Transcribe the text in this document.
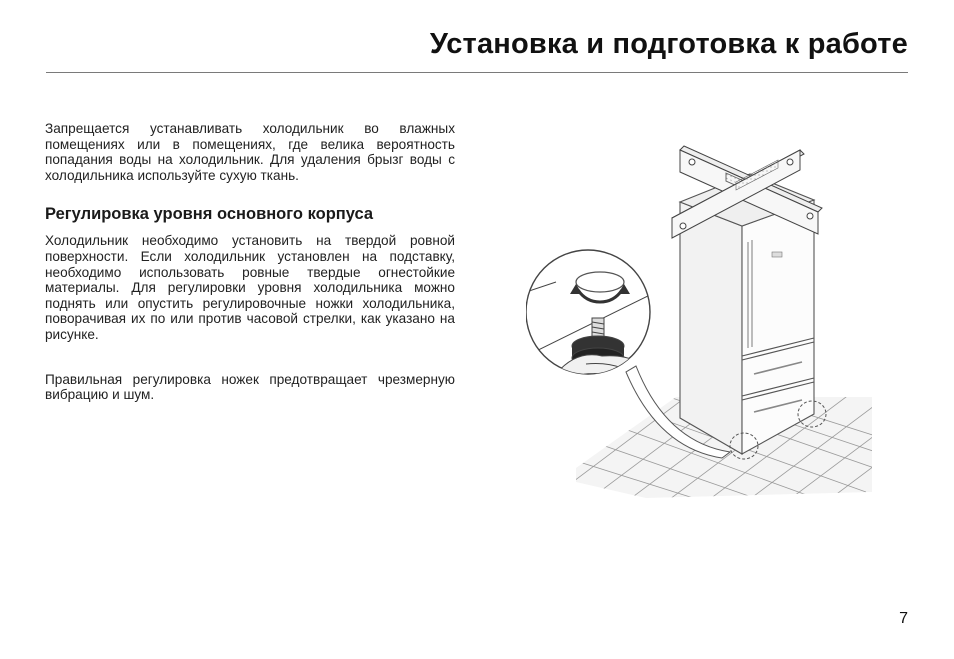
Установка и подготовка к работе

Запрещается устанавливать холодильник во влажных помещениях или в помещениях, где велика вероятность попадания воды на холодильник. Для удаления брызг воды с холодильника используйте сухую ткань.

Регулировка уровня основного корпуса

Холодильник необходимо установить на твердой ровной поверхности. Если холодильник установлен на подставку, необходимо использовать ровные твердые огнестойкие материалы. Для регулировки уровня холодильника можно поднять или опустить регулировочные ножки холодильника, поворачивая их по или против часовой стрелки, как указано на рисунке.

Правильная регулировка ножек предотвращает чрезмерную вибрацию и шум.

7
